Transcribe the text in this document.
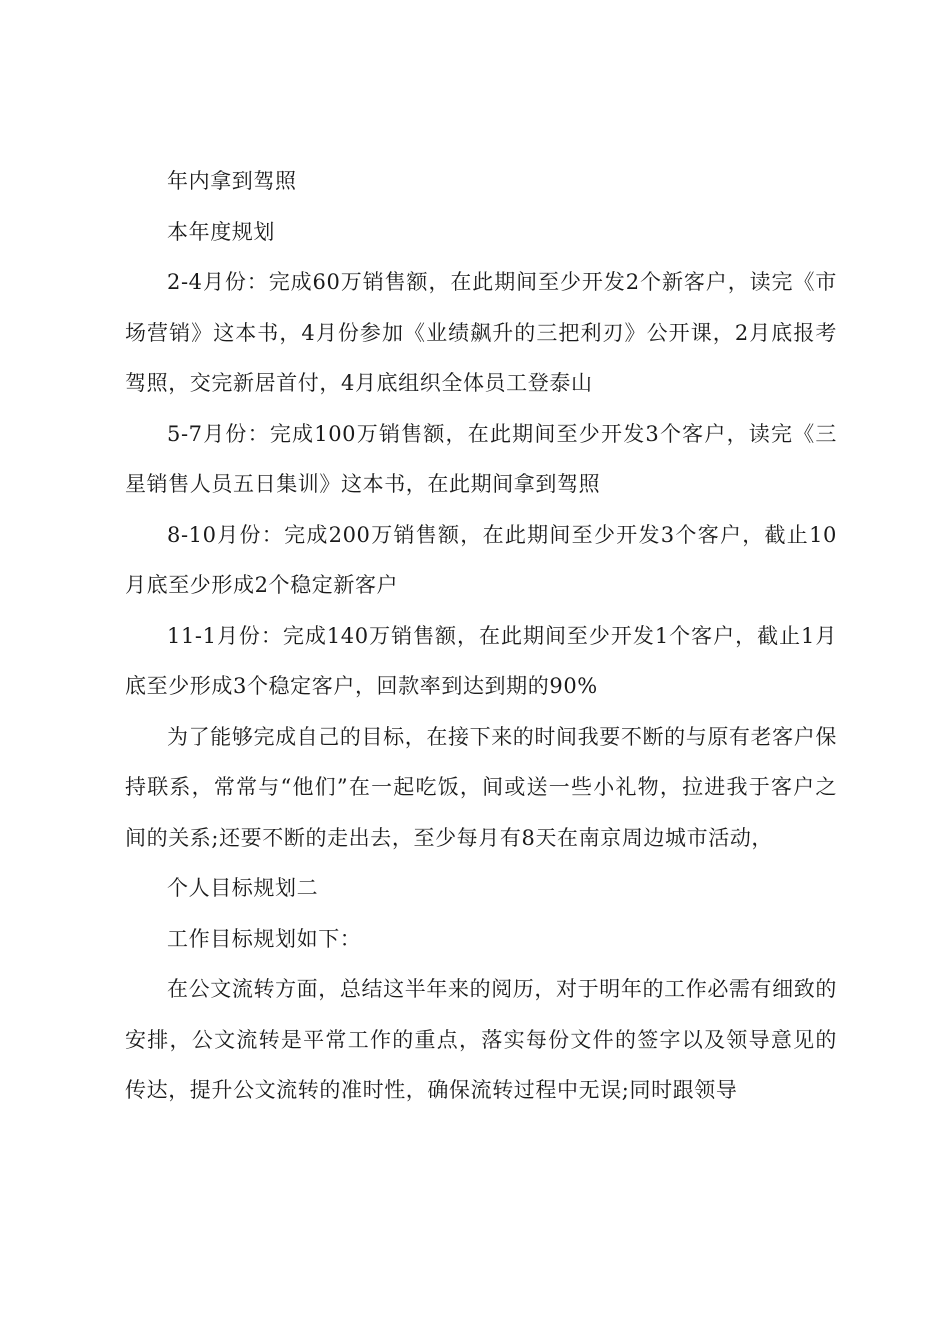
年内拿到驾照

本年度规划

2-4月份：完成60万销售额，在此期间至少开发2个新客户，读完《市场营销》这本书，4月份参加《业绩飙升的三把利刃》公开课，2月底报考驾照，交完新居首付，4月底组织全体员工登泰山

5-7月份：完成100万销售额，在此期间至少开发3个客户，读完《三星销售人员五日集训》这本书，在此期间拿到驾照

8-10月份：完成200万销售额，在此期间至少开发3个客户，截止10月底至少形成2个稳定新客户

11-1月份：完成140万销售额，在此期间至少开发1个客户，截止1月底至少形成3个稳定客户，回款率到达到期的90%

为了能够完成自己的目标，在接下来的时间我要不断的与原有老客户保持联系，常常与“他们”在一起吃饭，间或送一些小礼物，拉进我于客户之间的关系;还要不断的走出去，至少每月有8天在南京周边城市活动，

个人目标规划二

工作目标规划如下：

在公文流转方面，总结这半年来的阅历，对于明年的工作必需有细致的安排，公文流转是平常工作的重点，落实每份文件的签字以及领导意见的传达，提升公文流转的准时性，确保流转过程中无误;同时跟领导
